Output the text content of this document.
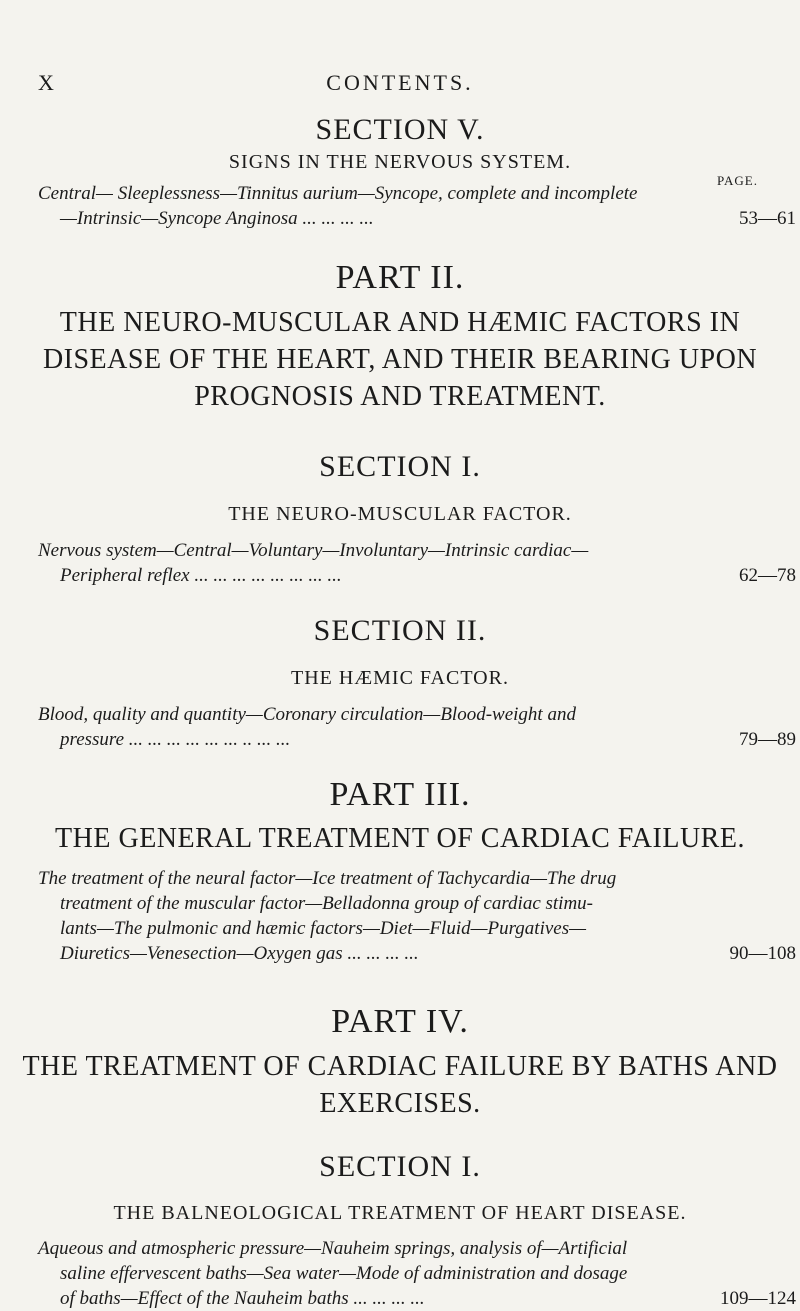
X	CONTENTS.
SECTION V.
SIGNS IN THE NERVOUS SYSTEM.
PAGE.
Central— Sleeplessness—Tinnitus aurium—Syncope, complete and incomplete
—Intrinsic—Syncope Anginosa ... ... ... ...	53—61
PART II.
THE NEURO-MUSCULAR AND HÆMIC FACTORS IN
DISEASE OF THE HEART, AND THEIR BEARING UPON
PROGNOSIS AND TREATMENT.
SECTION I.
THE NEURO-MUSCULAR FACTOR.
Nervous system—Central—Voluntary—Involuntary—Intrinsic cardiac—
Peripheral reflex ... ... ... ... ... ... ... ...	62—78
SECTION II.
THE HÆMIC FACTOR.
Blood, quality and quantity—Coronary circulation—Blood-weight and
pressure ... ... ... ... ... ... .. ... ...	79—89
PART III.
THE GENERAL TREATMENT OF CARDIAC FAILURE.
The treatment of the neural factor—Ice treatment of Tachycardia—The drug
treatment of the muscular factor—Belladonna group of cardiac stimu-
lants—The pulmonic and hæmic factors—Diet—Fluid—Purgatives—
Diuretics—Venesection—Oxygen gas ... ... ... ...	90—108
PART IV.
THE TREATMENT OF CARDIAC FAILURE BY BATHS AND
EXERCISES.
SECTION I.
THE BALNEOLOGICAL TREATMENT OF HEART DISEASE.
Aqueous and atmospheric pressure—Nauheim springs, analysis of—Artificial
saline effervescent baths—Sea water—Mode of administration and dosage
of baths—Effect of the Nauheim baths ... ... ... ...	109—124
